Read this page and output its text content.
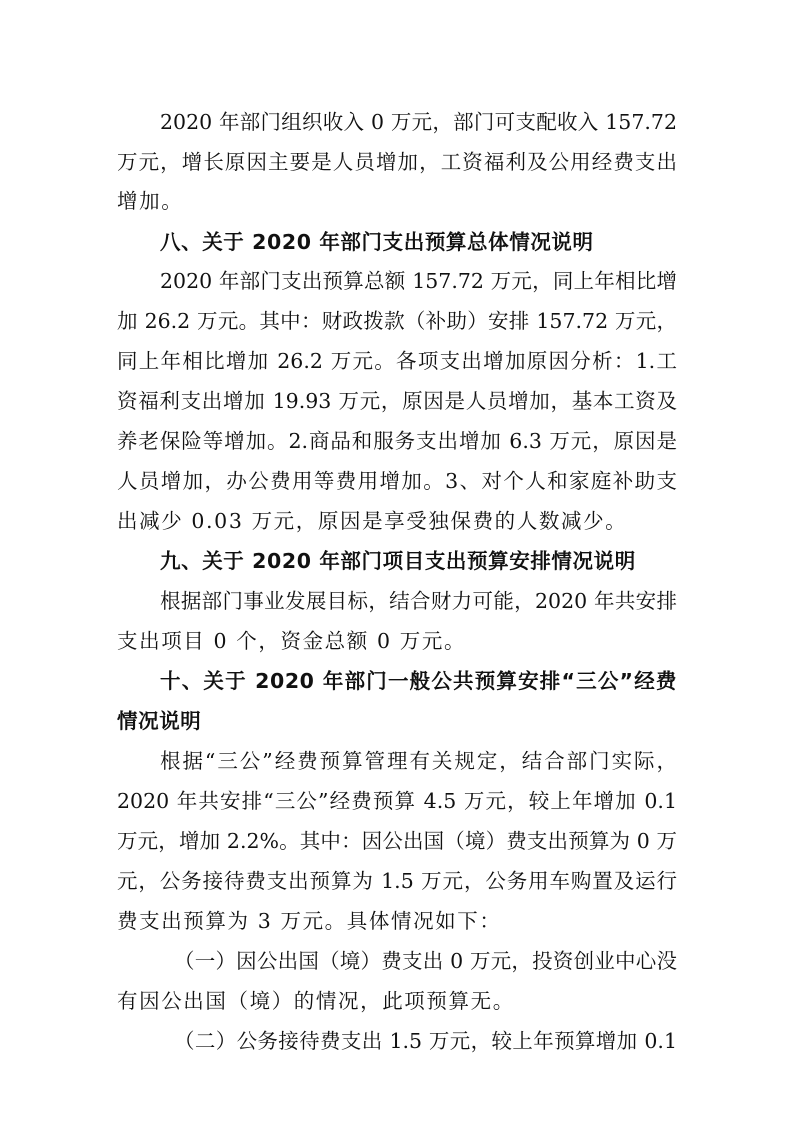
2020 年部门组织收入 0 万元，部门可支配收入 157.72
万元，增长原因主要是人员增加，工资福利及公用经费支出
增加。
八、关于 2020 年部门支出预算总体情况说明
2020 年部门支出预算总额 157.72 万元，同上年相比增
加 26.2 万元。其中：财政拨款（补助）安排 157.72 万元，
同上年相比增加 26.2 万元。各项支出增加原因分析：1.工
资福利支出增加 19.93 万元，原因是人员增加，基本工资及
养老保险等增加。2.商品和服务支出增加 6.3 万元，原因是
人员增加，办公费用等费用增加。3、对个人和家庭补助支
出减少 0.03 万元，原因是享受独保费的人数减少。
九、关于 2020 年部门项目支出预算安排情况说明
根据部门事业发展目标，结合财力可能，2020 年共安排
支出项目 0 个，资金总额 0 万元。
十、关于 2020 年部门一般公共预算安排“三公”经费
情况说明
根据“三公”经费预算管理有关规定，结合部门实际，
2020 年共安排“三公”经费预算 4.5 万元，较上年增加 0.1
万元，增加 2.2%。其中：因公出国（境）费支出预算为 0 万
元，公务接待费支出预算为 1.5 万元，公务用车购置及运行
费支出预算为 3 万元。具体情况如下：
（一）因公出国（境）费支出 0 万元，投资创业中心没
有因公出国（境）的情况，此项预算无。
（二）公务接待费支出 1.5 万元，较上年预算增加 0.1
